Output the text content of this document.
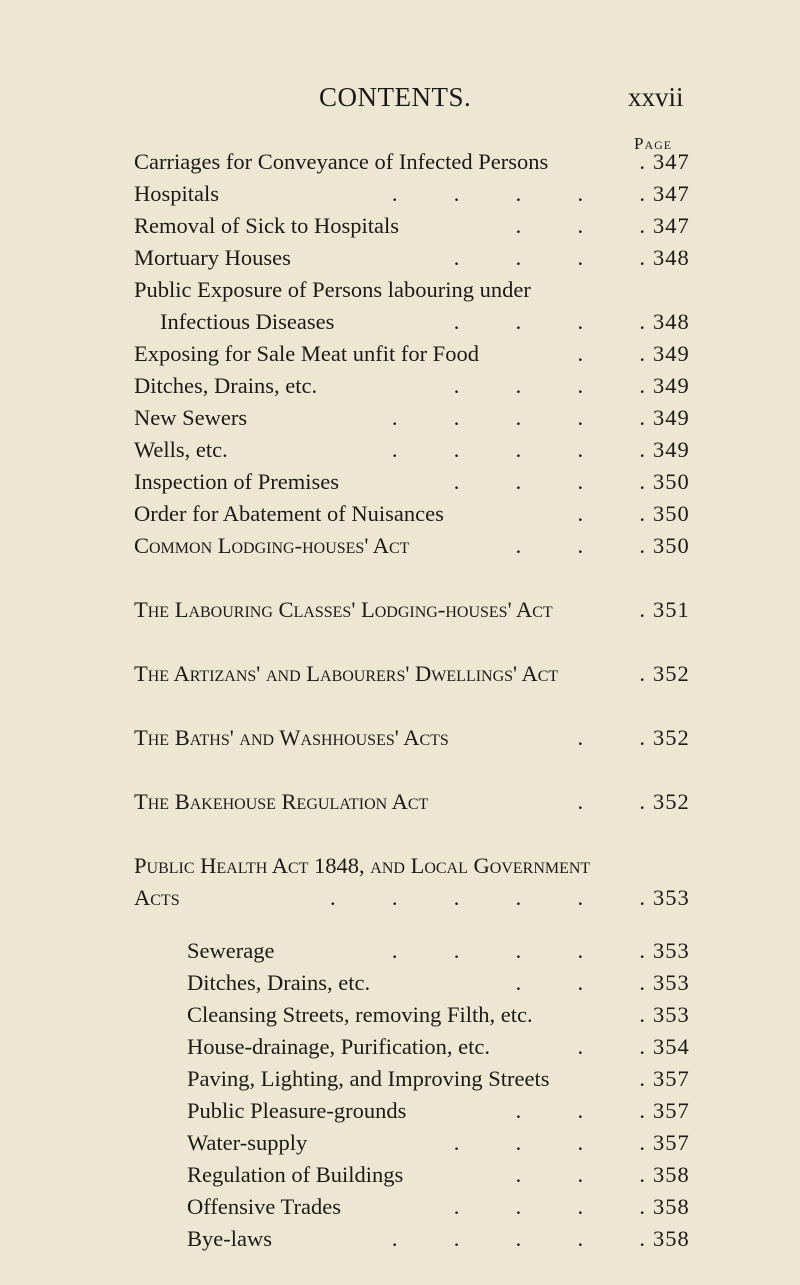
CONTENTS.	xxvii
Page
Carriages for Conveyance of Infected Persons	. 347
Hospitals	.          .          .          .          . 347
Removal of Sick to Hospitals	.          .          . 347
Mortuary Houses	.          .          .          . 348
Public Exposure of Persons labouring under
Infectious Diseases	.          .          .          . 348
Exposing for Sale Meat unfit for Food	.          . 349
Ditches, Drains, etc.	.          .          .          . 349
New Sewers	.          .          .          .          . 349
Wells, etc.	.          .          .          .          . 349
Inspection of Premises	.          .          .          . 350
Order for Abatement of Nuisances	.          . 350
Common Lodging-houses' Act	.          .          . 350
The Labouring Classes' Lodging-houses' Act	. 351
The Artizans' and Labourers' Dwellings' Act	. 352
The Baths' and Washhouses' Acts	.          . 352
The Bakehouse Regulation Act	.          . 352
Public Health Act 1848, and Local Government
Acts	.          .          .          .          .          . 353
Sewerage	.          .          .          .          . 353
Ditches, Drains, etc.	.          .          . 353
Cleansing Streets, removing Filth, etc.	. 353
House-drainage, Purification, etc.	.          . 354
Paving, Lighting, and Improving Streets	. 357
Public Pleasure-grounds	.          .          . 357
Water-supply	.          .          .          . 357
Regulation of Buildings	.          .          . 358
Offensive Trades	.          .          .          . 358
Bye-laws	.          .          .          .          . 358
